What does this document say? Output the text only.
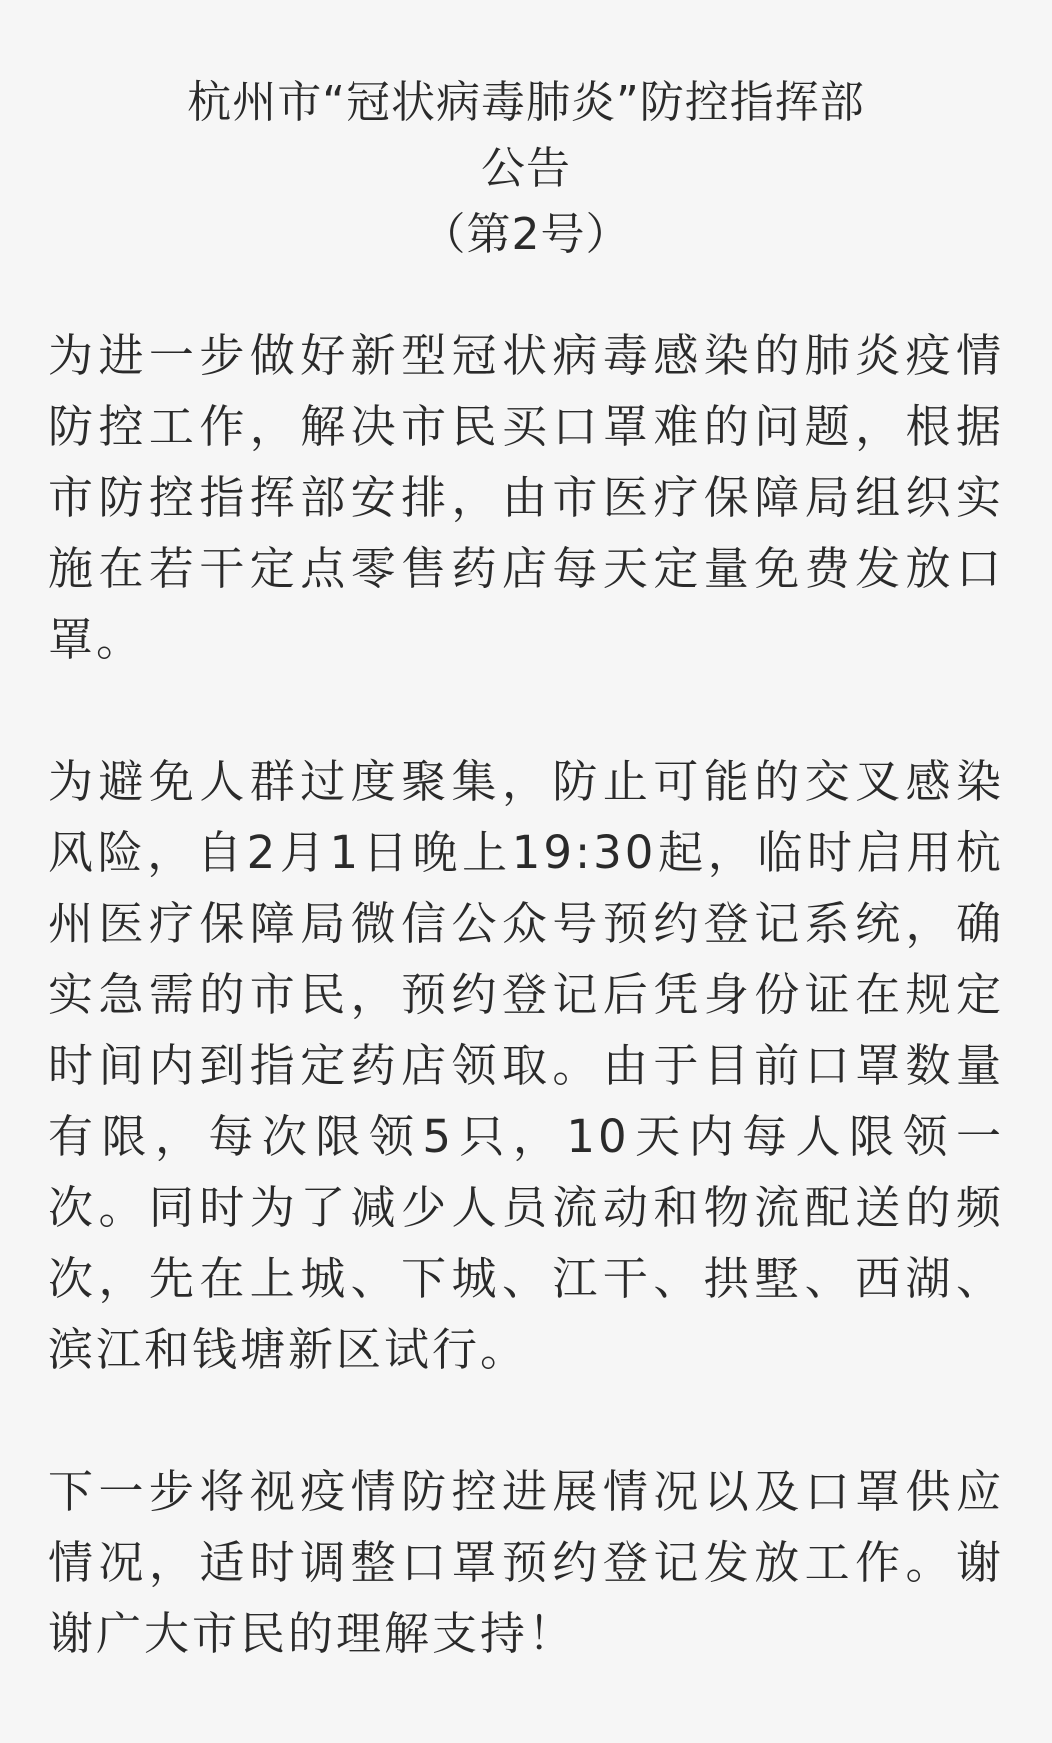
杭州市“冠状病毒肺炎”防控指挥部
公告
（第2号）

为进一步做好新型冠状病毒感染的肺炎疫情防控工作，解决市民买口罩难的问题，根据市防控指挥部安排，由市医疗保障局组织实施在若干定点零售药店每天定量免费发放口罩。

为避免人群过度聚集，防止可能的交叉感染风险，自2月1日晚上19:30起，临时启用杭州医疗保障局微信公众号预约登记系统，确实急需的市民，预约登记后凭身份证在规定时间内到指定药店领取。由于目前口罩数量有限，每次限领5只，10天内每人限领一次。同时为了减少人员流动和物流配送的频次，先在上城、下城、江干、拱墅、西湖、滨江和钱塘新区试行。

下一步将视疫情防控进展情况以及口罩供应情况，适时调整口罩预约登记发放工作。谢谢广大市民的理解支持！
